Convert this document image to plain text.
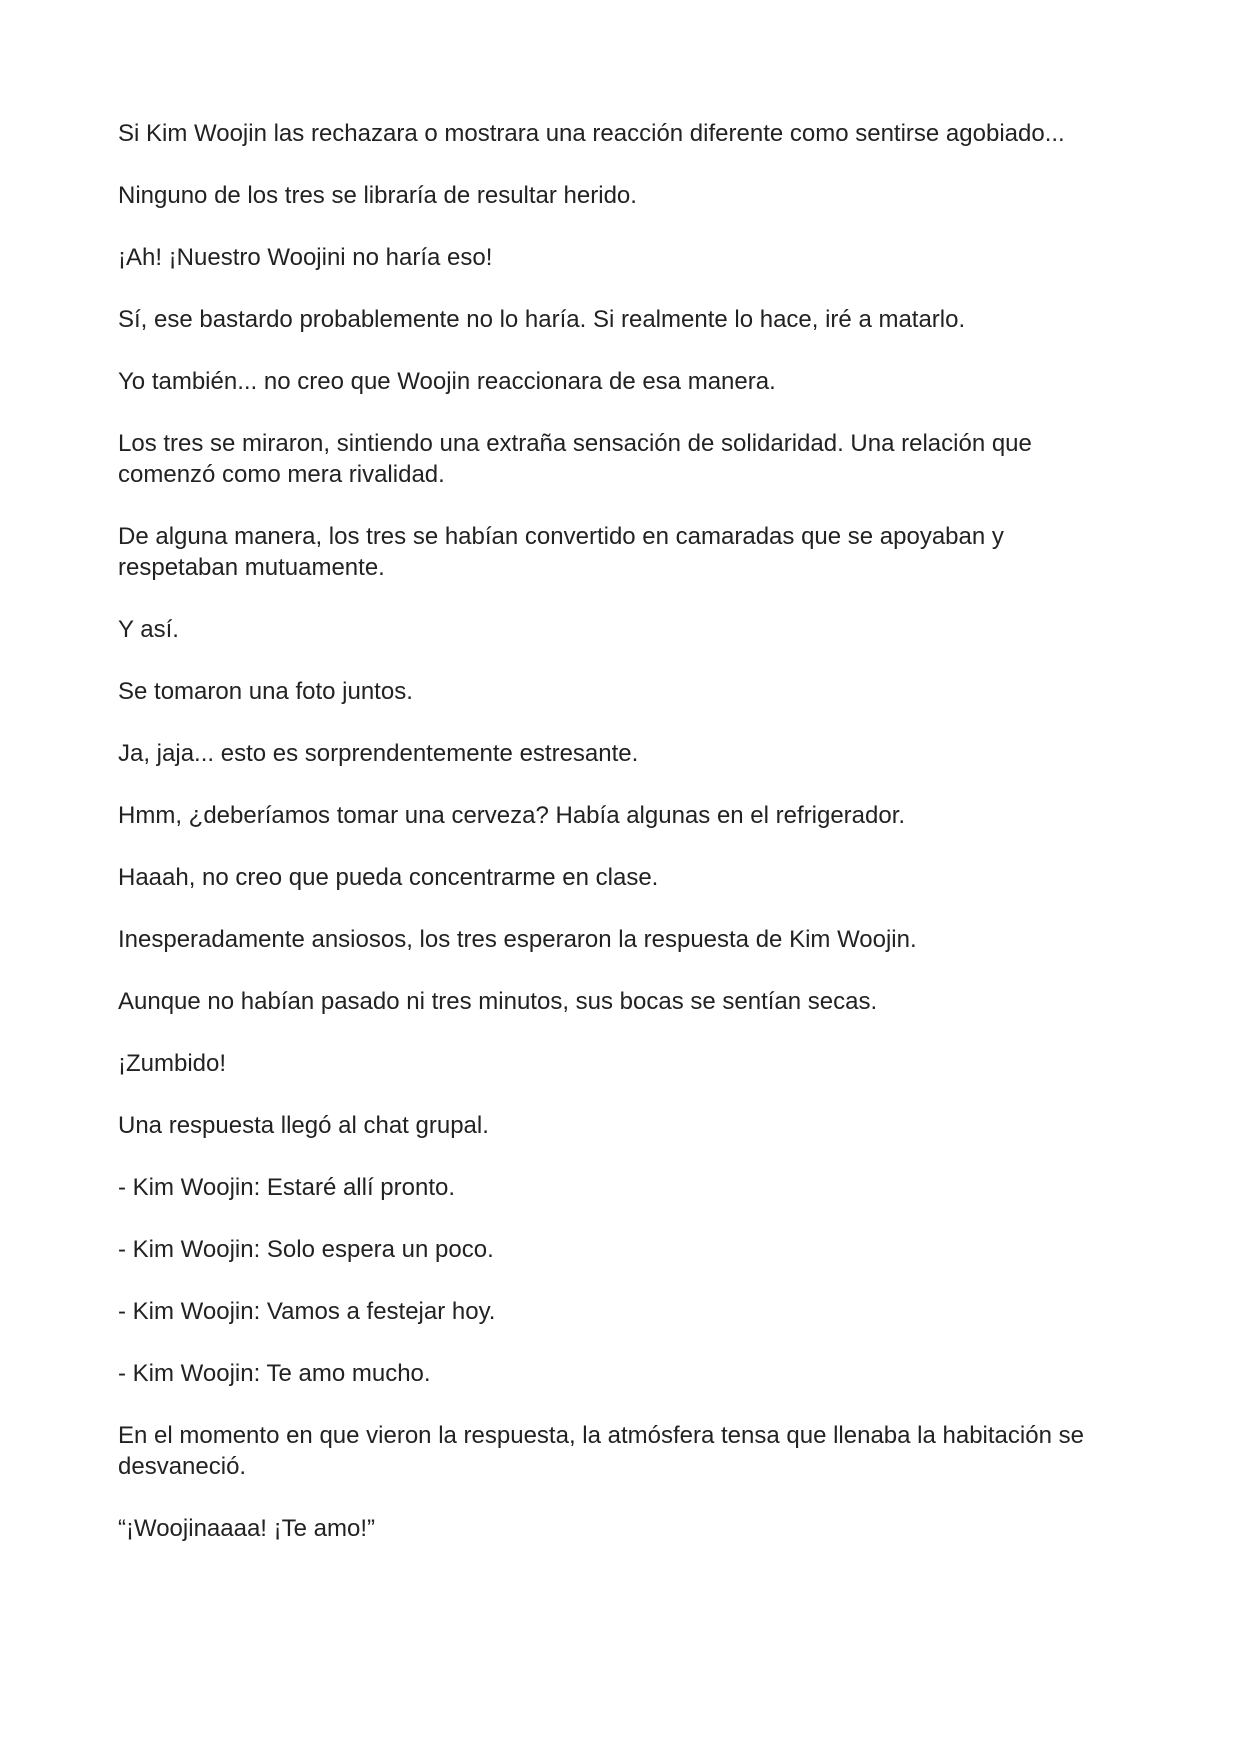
Si Kim Woojin las rechazara o mostrara una reacción diferente como sentirse agobiado...

Ninguno de los tres se libraría de resultar herido.

¡Ah! ¡Nuestro Woojini no haría eso!

Sí, ese bastardo probablemente no lo haría. Si realmente lo hace, iré a matarlo.

Yo también... no creo que Woojin reaccionara de esa manera.

Los tres se miraron, sintiendo una extraña sensación de solidaridad. Una relación que comenzó como mera rivalidad.

De alguna manera, los tres se habían convertido en camaradas que se apoyaban y respetaban mutuamente.

Y así.

Se tomaron una foto juntos.

Ja, jaja... esto es sorprendentemente estresante.

Hmm, ¿deberíamos tomar una cerveza? Había algunas en el refrigerador.

Haaah, no creo que pueda concentrarme en clase.

Inesperadamente ansiosos, los tres esperaron la respuesta de Kim Woojin.

Aunque no habían pasado ni tres minutos, sus bocas se sentían secas.

¡Zumbido!

Una respuesta llegó al chat grupal.

- Kim Woojin: Estaré allí pronto.

- Kim Woojin: Solo espera un poco.

- Kim Woojin: Vamos a festejar hoy.

- Kim Woojin: Te amo mucho.

En el momento en que vieron la respuesta, la atmósfera tensa que llenaba la habitación se desvaneció.

“¡Woojinaaaa! ¡Te amo!”
